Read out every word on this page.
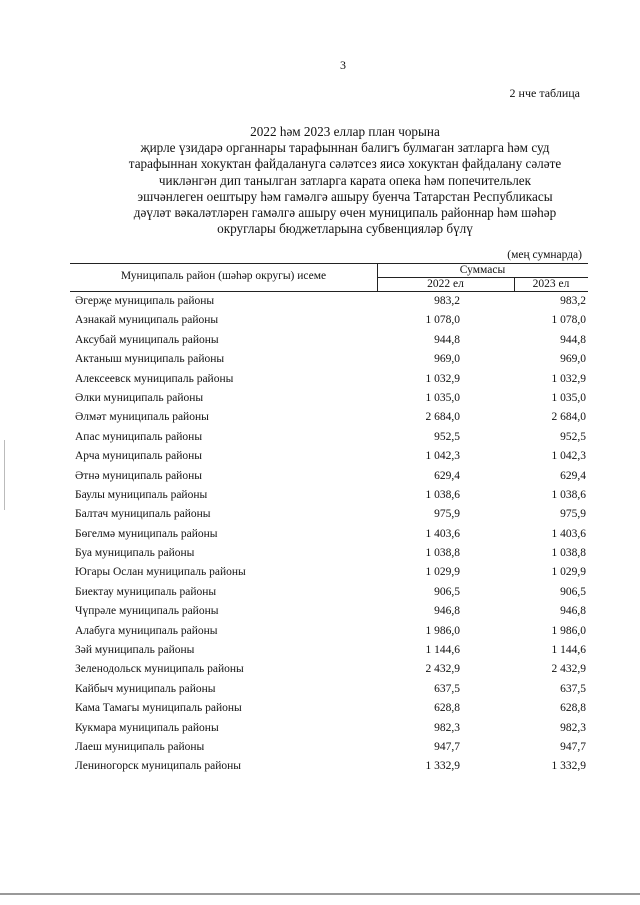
3
2 нче таблица
2022 һәм 2023 еллар план чорына
җирле үзидарә органнары тарафыннан балигъ булмаган затларга һәм суд
тарафыннан хокуктан файдалануга сәләтсез яисә хокуктан файдалану сәләте
чикләнгән дип танылган затларга карата опека һәм попечительлек
эшчәнлеген оештыру һәм гамәлгә ашыру буенча Татарстан Республикасы
дәүләт вәкаләтләрен гамәлгә ашыру өчен муниципаль районнар һәм шәһәр
округлары бюджетларына субвенцияләр бүлү
(мең сумнарда)
Муниципаль район (шәһәр округы) исеме	Суммасы
2022 ел	2023 ел
Әгерҗе муниципаль районы	983,2	983,2
Азнакай муниципаль районы	1 078,0	1 078,0
Аксубай муниципаль районы	944,8	944,8
Актаныш муниципаль районы	969,0	969,0
Алексеевск муниципаль районы	1 032,9	1 032,9
Әлки муниципаль районы	1 035,0	1 035,0
Әлмәт муниципаль районы	2 684,0	2 684,0
Апас муниципаль районы	952,5	952,5
Арча муниципаль районы	1 042,3	1 042,3
Әтнә муниципаль районы	629,4	629,4
Баулы муниципаль районы	1 038,6	1 038,6
Балтач муниципаль районы	975,9	975,9
Бөгелмә муниципаль районы	1 403,6	1 403,6
Буа муниципаль районы	1 038,8	1 038,8
Югары Ослан муниципаль районы	1 029,9	1 029,9
Биектау муниципаль районы	906,5	906,5
Чүпрәле муниципаль районы	946,8	946,8
Алабуга муниципаль районы	1 986,0	1 986,0
Зәй муниципаль районы	1 144,6	1 144,6
Зеленодольск муниципаль районы	2 432,9	2 432,9
Кайбыч муниципаль районы	637,5	637,5
Кама Тамагы муниципаль районы	628,8	628,8
Кукмара муниципаль районы	982,3	982,3
Лаеш муниципаль районы	947,7	947,7
Лениногорск муниципаль районы	1 332,9	1 332,9
